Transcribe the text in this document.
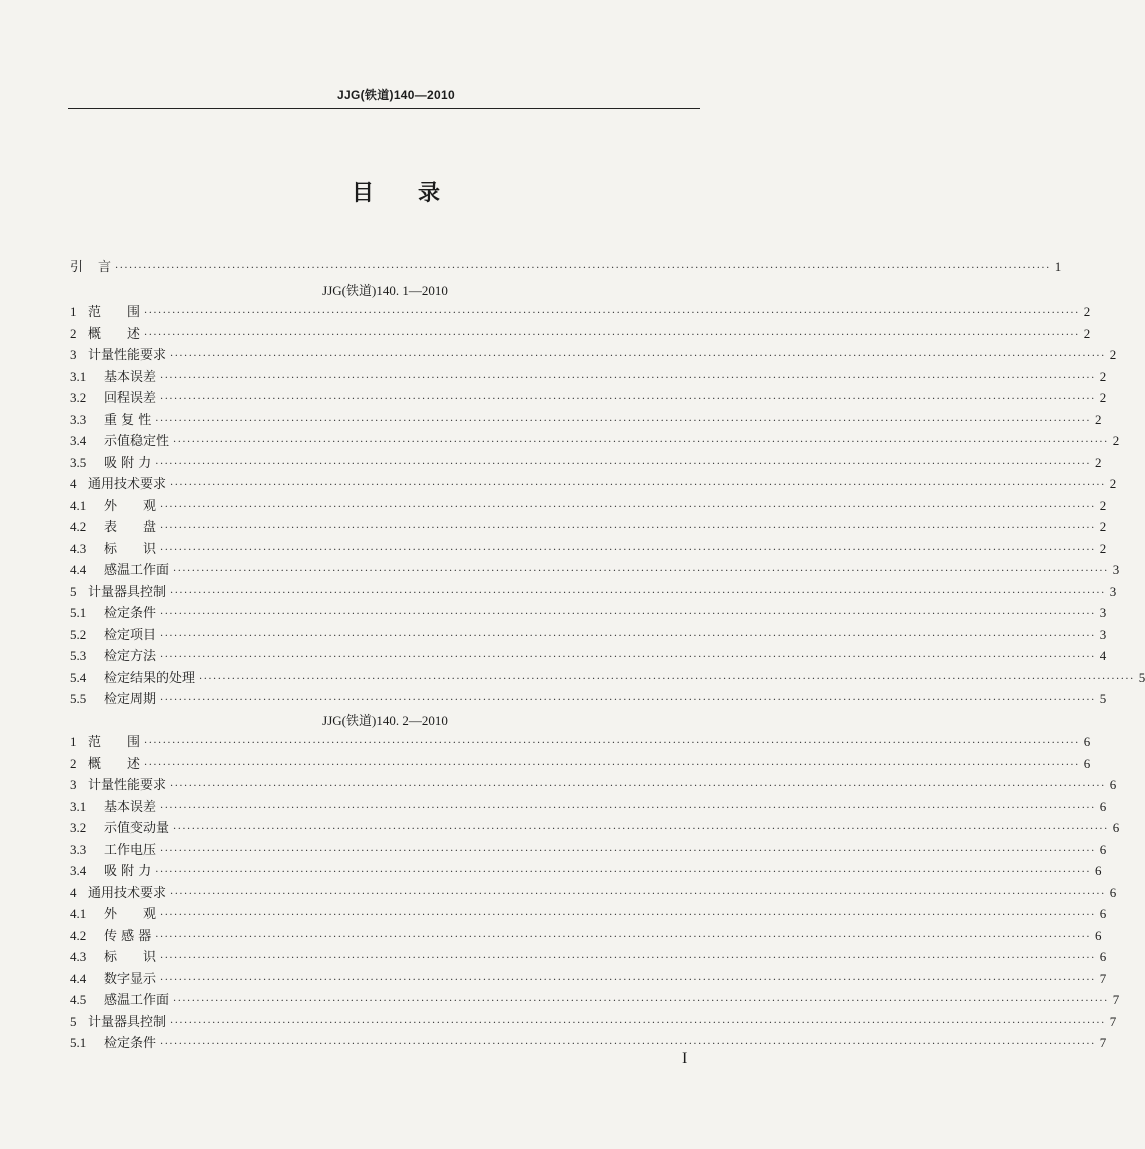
JJG(铁道)140—2010
目 录
引	言 ········································································································································································································ 1
JJG(铁道)140. 1—2010
1 范　　围 ········································································································································································································ 2
2 概　　述 ········································································································································································································ 2
3 计量性能要求 ········································································································································································································ 2
3.1	基本误差 ········································································································································································································ 2
3.2	回程误差 ········································································································································································································ 2
3.3	重 复 性 ········································································································································································································ 2
3.4	示值稳定性 ········································································································································································································ 2
3.5	吸 附 力 ········································································································································································································ 2
4 通用技术要求 ········································································································································································································ 2
4.1	外　　观 ········································································································································································································ 2
4.2	表　　盘 ········································································································································································································ 2
4.3	标　　识 ········································································································································································································ 2
4.4	感温工作面 ········································································································································································································ 3
5 计量器具控制 ········································································································································································································ 3
5.1	检定条件 ········································································································································································································ 3
5.2	检定项目 ········································································································································································································ 3
5.3	检定方法 ········································································································································································································ 4
5.4	检定结果的处理 ········································································································································································································ 5
5.5	检定周期 ········································································································································································································ 5
JJG(铁道)140. 2—2010
1 范　　围 ········································································································································································································ 6
2 概　　述 ········································································································································································································ 6
3 计量性能要求 ········································································································································································································ 6
3.1	基本误差 ········································································································································································································ 6
3.2	示值变动量 ········································································································································································································ 6
3.3	工作电压 ········································································································································································································ 6
3.4	吸 附 力 ········································································································································································································ 6
4 通用技术要求 ········································································································································································································ 6
4.1	外　　观 ········································································································································································································ 6
4.2	传 感 器 ········································································································································································································ 6
4.3	标　　识 ········································································································································································································ 6
4.4	数字显示 ········································································································································································································ 7
4.5	感温工作面 ········································································································································································································ 7
5 计量器具控制 ········································································································································································································ 7
5.1	检定条件 ········································································································································································································ 7
I
